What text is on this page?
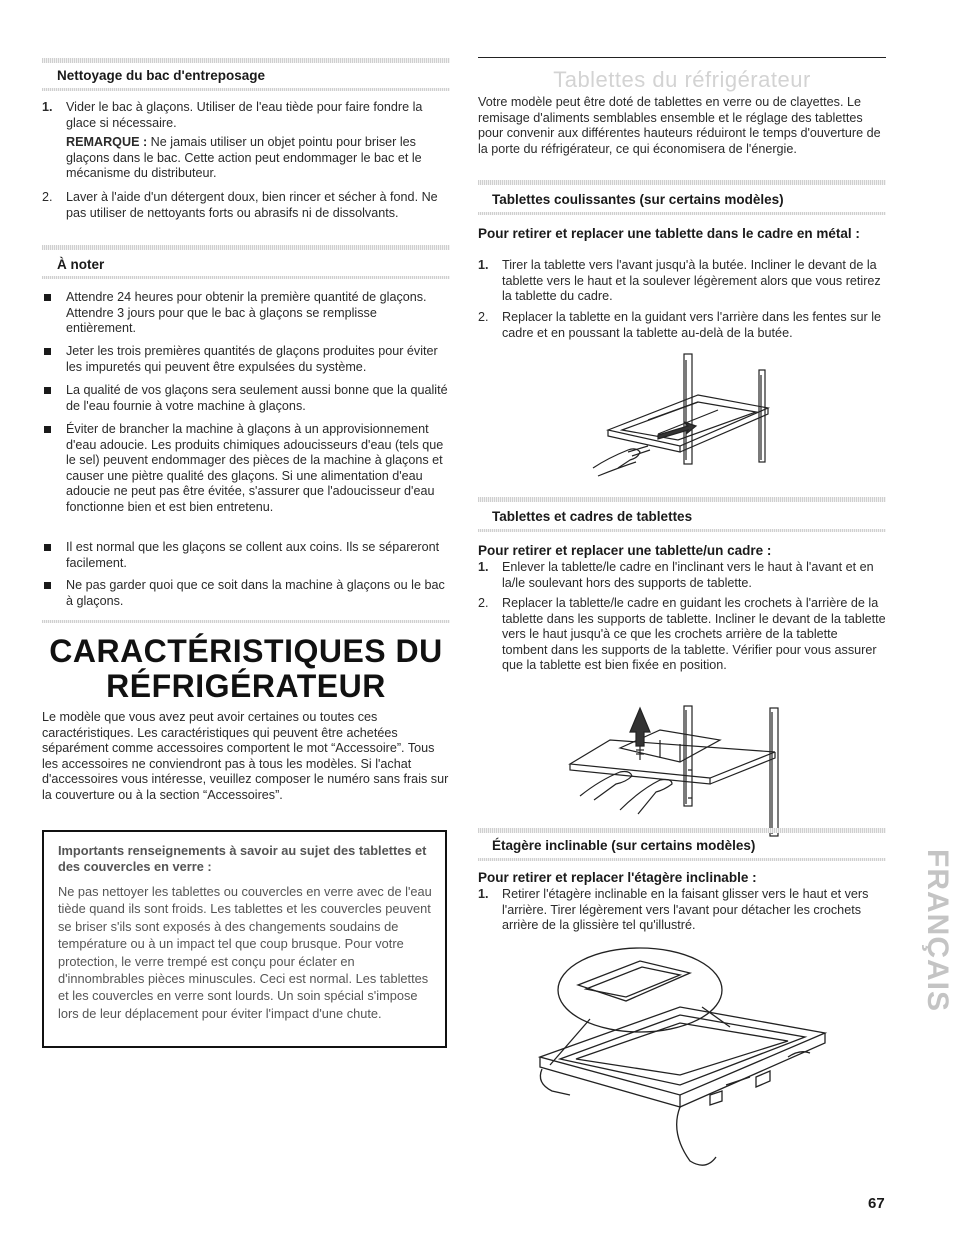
Nettoyage du bac d'entreposage
1. Vider le bac à glaçons. Utiliser de l'eau tiède pour faire fondre la glace si nécessaire.
REMARQUE : Ne jamais utiliser un objet pointu pour briser les glaçons dans le bac. Cette action peut endommager le bac et le mécanisme du distributeur.
2. Laver à l'aide d'un détergent doux, bien rincer et sécher à fond. Ne pas utiliser de nettoyants forts ou abrasifs ni de dissolvants.
À noter
Attendre 24 heures pour obtenir la première quantité de glaçons. Attendre 3 jours pour que le bac à glaçons se remplisse entièrement.
Jeter les trois premières quantités de glaçons produites pour éviter les impuretés qui peuvent être expulsées du système.
La qualité de vos glaçons sera seulement aussi bonne que la qualité de l'eau fournie à votre machine à glaçons.
Éviter de brancher la machine à glaçons à un approvisionnement d'eau adoucie. Les produits chimiques adoucisseurs d'eau (tels que le sel) peuvent endommager des pièces de la machine à glaçons et causer une piètre qualité des glaçons. Si une alimentation d'eau adoucie ne peut pas être évitée, s'assurer que l'adoucisseur d'eau fonctionne bien et est bien entretenu.
Il est normal que les glaçons se collent aux coins. Ils se sépareront facilement.
Ne pas garder quoi que ce soit dans la machine à glaçons ou le bac à glaçons.
CARACTÉRISTIQUES DU
RÉFRIGÉRATEUR
Le modèle que vous avez peut avoir certaines ou toutes ces caractéristiques. Les caractéristiques qui peuvent être achetées séparément comme accessoires comportent le mot “Accessoire”. Tous les accessoires ne conviendront pas à tous les modèles. Si l'achat d'accessoires vous intéresse, veuillez composer le numéro sans frais sur la couverture ou à la section “Accessoires”.
Importants renseignements à savoir au sujet des tablettes et des couvercles en verre :
Ne pas nettoyer les tablettes ou couvercles en verre avec de l'eau tiède quand ils sont froids. Les tablettes et les couvercles peuvent se briser s'ils sont exposés à des changements soudains de température ou à un impact tel que coup brusque. Pour votre protection, le verre trempé est conçu pour éclater en d'innombrables pièces minuscules. Ceci est normal. Les tablettes et les couvercles en verre sont lourds. Un soin spécial s'impose lors de leur déplacement pour éviter l'impact d'une chute.
Tablettes du réfrigérateur
Votre modèle peut être doté de tablettes en verre ou de clayettes. Le remisage d'aliments semblables ensemble et le réglage des tablettes pour convenir aux différentes hauteurs réduiront le temps d'ouverture de la porte du réfrigérateur, ce qui économisera de l'énergie.
Tablettes coulissantes (sur certains modèles)
Pour retirer et replacer une tablette dans le cadre en métal :
1. Tirer la tablette vers l'avant jusqu'à la butée. Incliner le devant de la tablette vers le haut et la soulever légèrement alors que vous retirez la tablette du cadre.
2. Replacer la tablette en la guidant vers l'arrière dans les fentes sur le cadre et en poussant la tablette au-delà de la butée.
Tablettes et cadres de tablettes
Pour retirer et replacer une tablette/un cadre :
1. Enlever la tablette/le cadre en l'inclinant vers le haut à l'avant et en la/le soulevant hors des supports de tablette.
2. Replacer la tablette/le cadre en guidant les crochets à l'arrière de la tablette dans les supports de tablette. Incliner le devant de la tablette vers le haut jusqu'à ce que les crochets arrière de la tablette tombent dans les supports de la tablette. Vérifier pour vous assurer que la tablette est bien fixée en position.
Étagère inclinable (sur certains modèles)
Pour retirer et replacer l'étagère inclinable :
1. Retirer l'étagère inclinable en la faisant glisser vers le haut et vers l'arrière. Tirer légèrement vers l'avant pour détacher les crochets arrière de la glissière tel qu'illustré.	FRANÇAIS
67
